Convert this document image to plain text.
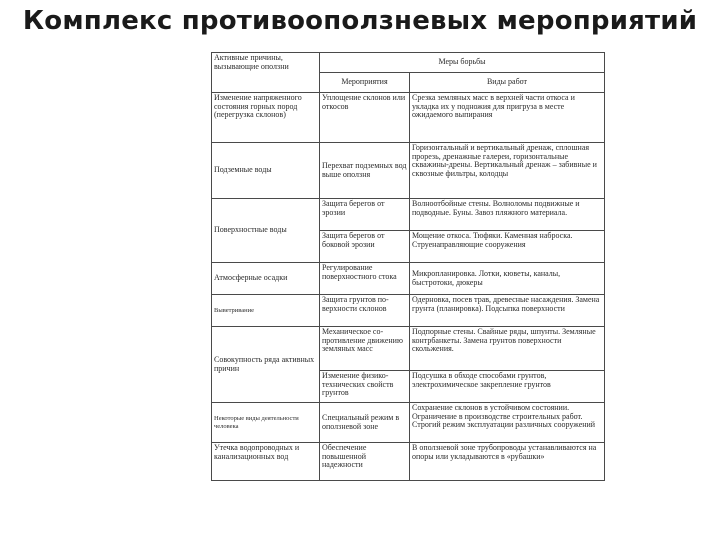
Комплекс противооползневых мероприятий
Активные причины, вызывающие оползни	Меры борьбы	
	Мероприятия	Виды работ
Изменение напряженного состояния горных пород (перегрузка склонов)	Уплощение склонов или откосов	Срезка земляных масс в верхней части откоса и укладка их у подножия для пригруза в месте ожидаемого выпирания
Подземные воды	Перехват подземных вод выше оползня	Горизонтальный и вертикальный дренаж, сплошная прорезь, дренажные галереи, горизонтальные скважины-дрены. Вертикальный дренаж – забивные и сквозные фильтры, колодцы
Поверхностные воды	Защита берегов от эрозии	Волноотбойные стены. Волноломы подвижные и подводные. Буны. Завоз пляжного материала.
	Защита берегов от боковой эрозии	Мощение откоса. Тюфяки. Каменная наброска. Струенаправляющие сооружения
Атмосферные осадки	Регулирование поверхностного стока	Микропланировка. Лотки, кюветы, каналы, быстротоки, дюкеры
Выветривание	Защита грунтов по-верхности склонов	Одерновка, посев трав, древесные насаждения. Замена грунта (планировка). Подсыпка поверхности
Совокупность ряда активных причин	Механическое со-противление движению земляных масс	Подпорные стены. Свайные ряды, шпунты. Земляные контрбанкеты. Замена грунтов поверхности скольжения.
	Изменение физико-технических свойств грунтов	Подсушка в обходе способами грунтов, электрохимическое закрепление грунтов
Некоторые виды деятельности человека	Специальный режим в оползневой зоне	Сохранение склонов в устойчивом состоянии. Ограничение в производстве строительных работ. Строгий режим эксплуатации различных сооружений
Утечка водопроводных и канализационных вод	Обеспечение повышенной надежности	В оползневой зоне трубопроводы устанавливаются на опоры или укладываются в «рубашки»
